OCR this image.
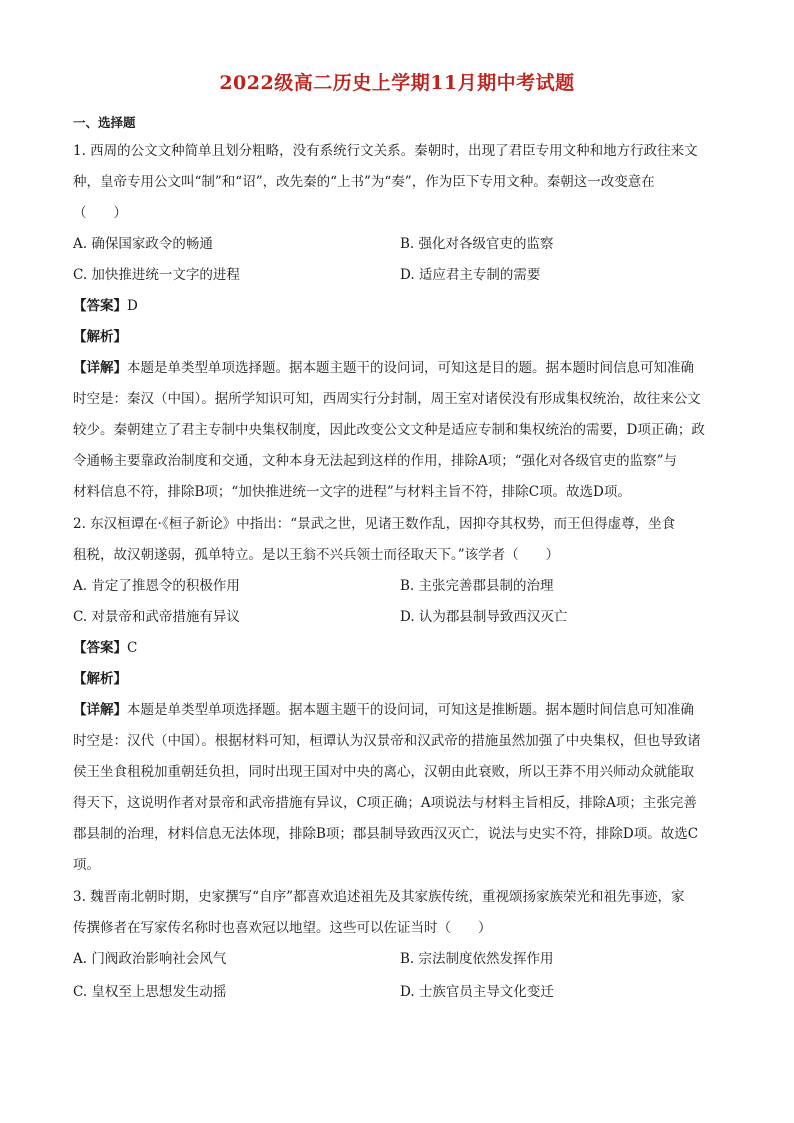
2022级高二历史上学期11月期中考试题
一、选择题
1. 西周的公文文种简单且划分粗略，没有系统行文关系。秦朝时，出现了君臣专用文种和地方行政往来文
种，皇帝专用公文叫“制”和“诏”，改先秦的“上书”为“奏”，作为臣下专用文种。秦朝这一改变意在
（　　）
A. 确保国家政令的畅通	B. 强化对各级官吏的监察
C. 加快推进统一文字的进程	D. 适应君主专制的需要
【答案】D
【解析】
【详解】本题是单类型单项选择题。据本题主题干的设问词，可知这是目的题。据本题时间信息可知准确
时空是：秦汉（中国）。据所学知识可知，西周实行分封制，周王室对诸侯没有形成集权统治，故往来公文
较少。秦朝建立了君主专制中央集权制度，因此改变公文文种是适应专制和集权统治的需要，D项正确；政
令通畅主要靠政治制度和交通，文种本身无法起到这样的作用，排除A项；“强化对各级官吏的监察”与
材料信息不符，排除B项；“加快推进统一文字的进程”与材料主旨不符，排除C项。故选D项。
2. 东汉桓谭在·《桓子新论》中指出：“景武之世，见诸王数作乱，因抑夺其权势，而王但得虚尊，坐食
租税，故汉朝遂弱，孤单特立。是以王翁不兴兵领士而径取天下。”该学者（　　）
A. 肯定了推恩令的积极作用	B. 主张完善郡县制的治理
C. 对景帝和武帝措施有异议	D. 认为郡县制导致西汉灭亡
【答案】C
【解析】
【详解】本题是单类型单项选择题。据本题主题干的设问词，可知这是推断题。据本题时间信息可知准确
时空是：汉代（中国）。根据材料可知，桓谭认为汉景帝和汉武帝的措施虽然加强了中央集权，但也导致诸
侯王坐食租税加重朝廷负担，同时出现王国对中央的离心，汉朝由此衰败，所以王莽不用兴师动众就能取
得天下，这说明作者对景帝和武帝措施有异议，C项正确；A项说法与材料主旨相反，排除A项；主张完善
郡县制的治理，材料信息无法体现，排除B项；郡县制导致西汉灭亡，说法与史实不符，排除D项。故选C
项。
3. 魏晋南北朝时期，史家撰写“自序”都喜欢追述祖先及其家族传统，重视颂扬家族荣光和祖先事迹，家
传撰修者在写家传名称时也喜欢冠以地望。这些可以佐证当时（　　）
A. 门阀政治影响社会风气	B. 宗法制度依然发挥作用
C. 皇权至上思想发生动摇	D. 士族官员主导文化变迁
